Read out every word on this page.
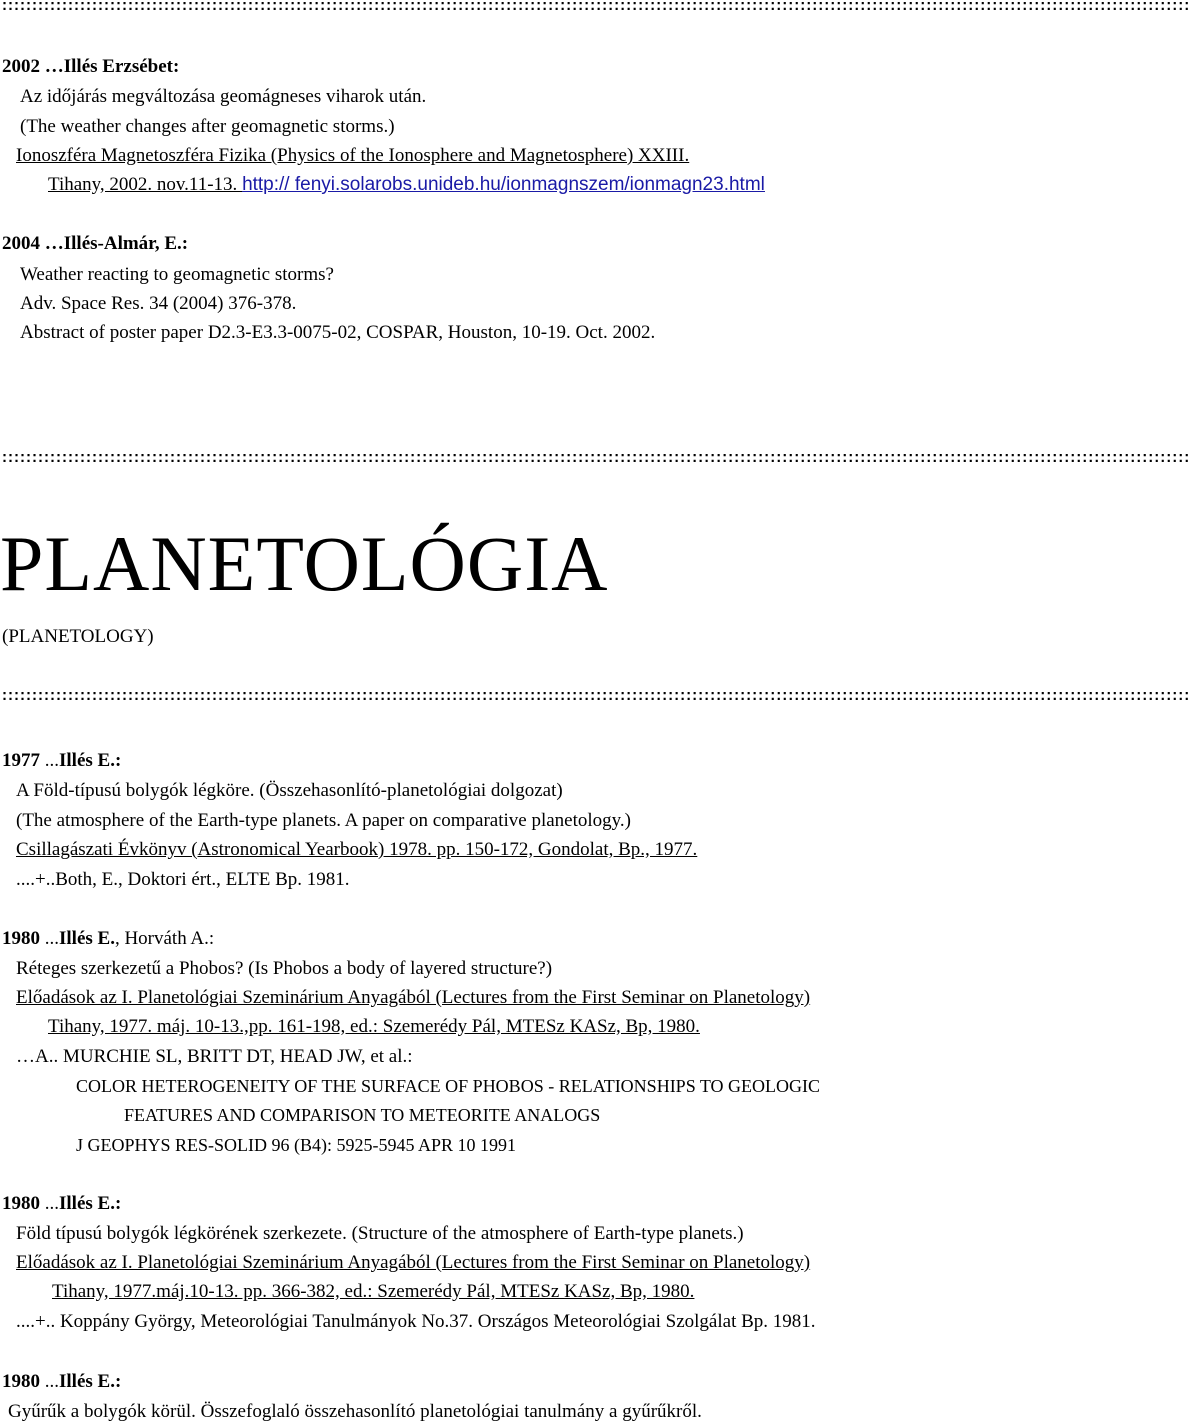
::::::::::::::::::::::::::::::::::::::::::::::::::::::::::::::::::::::::::::::::::::::::::::::::::::::::::::::::::::::::::::::::::::::::::::::::::::::::::::::::::::::::::::::::::::::::::::::::::::::
2002 …Illés Erzsébet:
Az időjárás megváltozása geomágneses viharok után.
(The weather changes after geomagnetic storms.)
Ionoszféra Magnetoszféra Fizika (Physics of the Ionosphere and Magnetosphere) XXIII.
Tihany, 2002. nov.11-13. http:// fenyi.solarobs.unideb.hu/ionmagnszem/ionmagn23.html
2004 …Illés-Almár, E.:
Weather reacting to geomagnetic storms?
Adv. Space Res. 34 (2004) 376-378.
Abstract of poster paper D2.3-E3.3-0075-02, COSPAR, Houston, 10-19. Oct. 2002.
::::::::::::::::::::::::::::::::::::::::::::::::::::::::::::::::::::::::::::::::::::::::::::::::::::::::::::::::::::::::::::::::::::::::::::::::::::::::::::::::::::::::::::::::::::::::::::::::::::::
PLANETOLÓGIA
(PLANETOLOGY)
::::::::::::::::::::::::::::::::::::::::::::::::::::::::::::::::::::::::::::::::::::::::::::::::::::::::::::::::::::::::::::::::::::::::::::::::::::::::::::::::::::::::::::::::::::::::::::::::::::::
1977 ...Illés E.:
A Föld-típusú bolygók légköre. (Összehasonlító-planetológiai dolgozat)
(The atmosphere of the Earth-type planets. A paper on comparative planetology.)
Csillagászati Évkönyv (Astronomical Yearbook) 1978. pp. 150-172, Gondolat, Bp., 1977.
....+..Both, E., Doktori ért., ELTE Bp. 1981.
1980 ...Illés E., Horváth A.:
Réteges szerkezetű a Phobos? (Is Phobos a body of layered structure?)
Előadások az I. Planetológiai Szeminárium Anyagából (Lectures from the First Seminar on Planetology)
Tihany, 1977. máj. 10-13.,pp. 161-198, ed.: Szemerédy Pál, MTESz KASz, Bp, 1980.
…A.. MURCHIE SL, BRITT DT, HEAD JW, et al.:
COLOR HETEROGENEITY OF THE SURFACE OF PHOBOS - RELATIONSHIPS TO GEOLOGIC
FEATURES AND COMPARISON TO METEORITE ANALOGS
J GEOPHYS RES-SOLID 96 (B4): 5925-5945 APR 10 1991
1980 ...Illés E.:
Föld típusú bolygók légkörének szerkezete. (Structure of the atmosphere of Earth-type planets.)
Előadások az I. Planetológiai Szeminárium Anyagából (Lectures from the First Seminar on Planetology)
Tihany, 1977.máj.10-13. pp. 366-382, ed.: Szemerédy Pál, MTESz KASz, Bp, 1980.
....+.. Koppány György, Meteorológiai Tanulmányok No.37. Országos Meteorológiai Szolgálat Bp. 1981.
1980 ...Illés E.:
Gyűrűk a bolygók körül. Összefoglaló összehasonlító planetológiai tanulmány a gyűrűkről.
